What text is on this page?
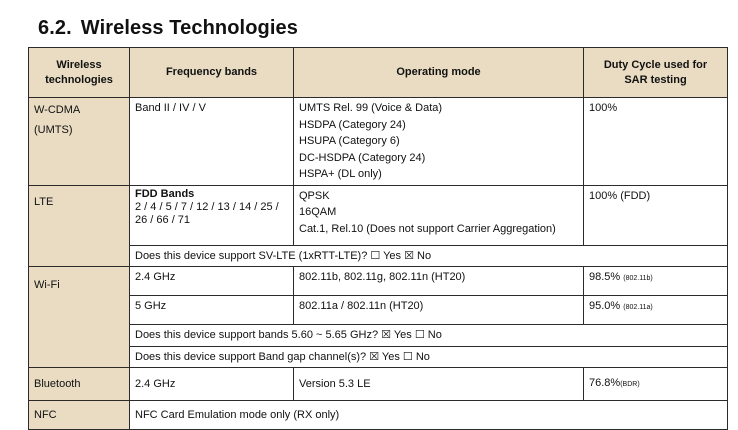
6.2. Wireless Technologies
Wireless
technologies	Frequency bands	Operating mode	Duty Cycle used for
SAR testing

W-CDMA
(UMTS)	Band II / IV / V	UMTS Rel. 99 (Voice & Data)
HSDPA (Category 24)
HSUPA (Category 6)
DC-HSDPA (Category 24)
HSPA+ (DL only)	100%
LTE	FDD Bands
2 / 4 / 5 / 7 / 12 / 13 / 14 / 25 /
26 / 66 / 71	QPSK
16QAM
Cat.1, Rel.10 (Does not support Carrier Aggregation)	100% (FDD)
	Does this device support SV-LTE (1xRTT-LTE)? ☐ Yes ☒ No		
Wi-Fi	2.4 GHz	802.11b, 802.11g, 802.11n (HT20)	98.5% (802.11b)
	5 GHz	802.11a / 802.11n (HT20)	95.0% (802.11a)
	Does this device support bands 5.60 ~ 5.65 GHz? ☒ Yes ☐ No		
	Does this device support Band gap channel(s)? ☒ Yes ☐ No		
Bluetooth	2.4 GHz	Version 5.3 LE	76.8%(BDR)
NFC	NFC Card Emulation mode only (RX only)		
